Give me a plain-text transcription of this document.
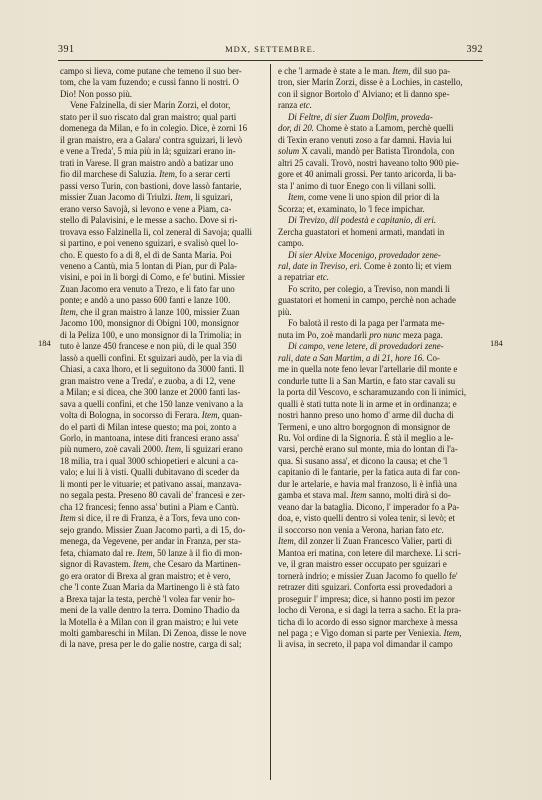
391	MDX, SETTEMBRE.	392
184	184
campo si lieva, come putane che temeno il suo ber-
tom, che la vam fuzendo; e cussì fanno li nostri. O
Dio! Non posso più.
Vene Falzinella, di sier Marin Zorzi, el dotor,
stato per il suo riscato dal gran maistro; qual parti
domenega da Milan, e fo in colegio. Dice, è zorni 16
il gran maistro, era a Galara' contra sguizari, li levò
e vene a Treda', 5 mia più in là; sguizari erano in-
trati in Varese. Il gran maistro andò a batizar uno
fio dil marchese di Saluzia. Item, fo a serar certi
passi verso Turin, con bastioni, dove lassò fantarie,
missier Zuan Jacomo di Triulzi. Item, li sguizari,
erano verso Savojà, si levono e vene a Piam, ca-
stello di Palavisini, e le messe a sacho. Dove si ri-
trovava esso Falzinella li, col zeneral di Savoja; qualli
si partino, e poi veneno sguizari, e svalisò quel lo-
cho. E questo fo a di 8, el di de Santa Maria. Poi
veneno a Cantù, mia 5 lontan di Pian, pur di Pala-
visini, e poi in li borgi di Como, e fe' butini. Missier
Zuan Jacomo era venuto a Trezo, e li fato far uno
ponte; e andò a uno passo 600 fanti e lanze 100.
Item, che il gran maistro à lanze 100, missier Zuan
Jacomo 100, monsignor di Obigni 100, monsignor
di la Peliza 100, e uno monsignor di la Trimolia; in
tuto è lanze 450 francese e non più, di le qual 350
lassò a quelli confini. Et sguizari audò, per la via di
Chiasi, a caxa lhoro, et li seguitono da 3000 fanti. Il
gran maistro vene a Treda', e zuoba, a di 12, vene
a Milan; e si dicea, che 300 lanze et 2000 fanti las-
sava a quelli confini, et che 150 lanze venivano a la
volta di Bologna, in socorsso di Ferara. Item, quan-
do el partì di Milan intese questo; ma poi, zonto a
Gorlo, in mantoana, intese diti francesi erano assa'
più numero, zoè cavali 2000. Item, li sguizari erano
18 milia, tra i qual 3000 schiopetieri e alcuni a ca-
valo; e lui li à visti. Qualli dubitavano di sceder da
li monti per le vituarie; et pativano assai, manzava-
no segala pesta. Preseno 80 cavali de' francesi e zer-
cha 12 francesi; fenno assa' butini a Piam e Cantù.
Item si dice, il re di Franza, è a Tors, feva uno con-
sejo grando. Missier Zuan Jacomo partì, a di 15, do-
menega, da Vegevene, per andar in Franza, per sta-
feta, chiamato dal re. Item, 50 lanze à il fio di mon-
signor di Ravastem. Item, che Cesaro da Martinen-
go era orator di Brexa al gran maistro; et è vero,
che 'l conte Zuan Maria da Martinengo li è stà fato
a Brexa tajar la testa, perchè 'l volea far venir ho-
meni de la valle dentro la terra. Domino Thadio da
la Motella è a Milan con il gran maistro; e lui vete
molti gambareschi in Milan. Di Zenoa, disse le nove
di la nave, presa per le do galie nostre, carga di sal;
e che 'l armade è state a le man. Item, dil suo pa-
tron, sier Marin Zorzi, disse è a Lochies, in castello,
con il signor Bortolo d' Alviano; et li danno spe-
ranza etc.
Di Feltre, di sier Zuam Dolfim, proveda-
dor, di 20. Chome è stato a Lamom, perchè quelli
di Texin erano venuti zoso a far damni. Havia lui
solum X cavali, mandò per Batista Tirondola, con
altri 25 cavali. Trovò, nostri haveano tolto 900 pie-
gore et 40 animali grossi. Per tanto aricorda, li ba-
sta l' animo di tuor Enego con li villani solli.
Item, come vene li uno spion dil prior di la
Scorza; et, examinato, lo 'l fece impichar.
Di Trevizo, dil podestà e capitanio, di eri.
Zercha guastatori et homeni armati, mandati in
campo.
Di sier Alvixe Mocenigo, provedador zene-
ral, date in Treviso, eri. Come è zonto li; et viem
a repatriar etc.
Fo scrito, per colegio, a Treviso, non mandi li
guastatori et homeni in campo, perchè non achade
più.
Fo balotà il resto di la paga per l'armata me-
nuta im Po, zoè mandarli pro nunc meza paga.
Di campo, vene letere, di provedadori zene-
rali, date a San Martim, a di 21, hore 16. Co-
me in quella note feno levar l'artellarie dil monte e
condurle tutte li a San Martin, e fato star cavali su
la porta dil Vescovo, e scharamuzando con li inimici,
qualli è stati tutta note li in arme et in ordinanza; e
nostri hanno preso uno homo d' arme dil ducha di
Termeni, e uno altro borgognon di monsignor de
Ru. Vol ordine di la Signoria. È stà il meglio a le-
varsi, perchè erano sul monte, mia do lontan di l'a-
qua. Si susano assa', et dicono la causa; et che 'l
capitanio di le fantarie, per la fatica auta di far con-
dur le artelarie, e havia mal franzoso, li è infià una
gamba et stava mal. Item sanno, molti dirà si do-
veano dar la bataglia. Dicono, l' imperador fo a Pa-
doa, e, visto quelli dentro si volea tenir, si levò; et
il soccorso non venia a Verona, harian fato etc.
Item, dil zonzer li Zuan Francesco Valier, parti di
Mantoa eri matina, con letere dil marchexe. Li scri-
ve, il gran maistro esser occupato per sguizari e
tornerà indrio; e missier Zuan Jacomo fo quello fe'
retrazer diti sguizari. Conforta essi provedadori a
proseguir l' impresa; dice, si hanno posti im pezor
locho di Verona, e si dagi la terra a sacho. Et la pra-
ticha di lo acordo di esso signor marchexe à messa
nel paga ; e Vigo doman si parte per Veniexia. Item,
li avisa, in secreto, il papa vol dimandar il campo
